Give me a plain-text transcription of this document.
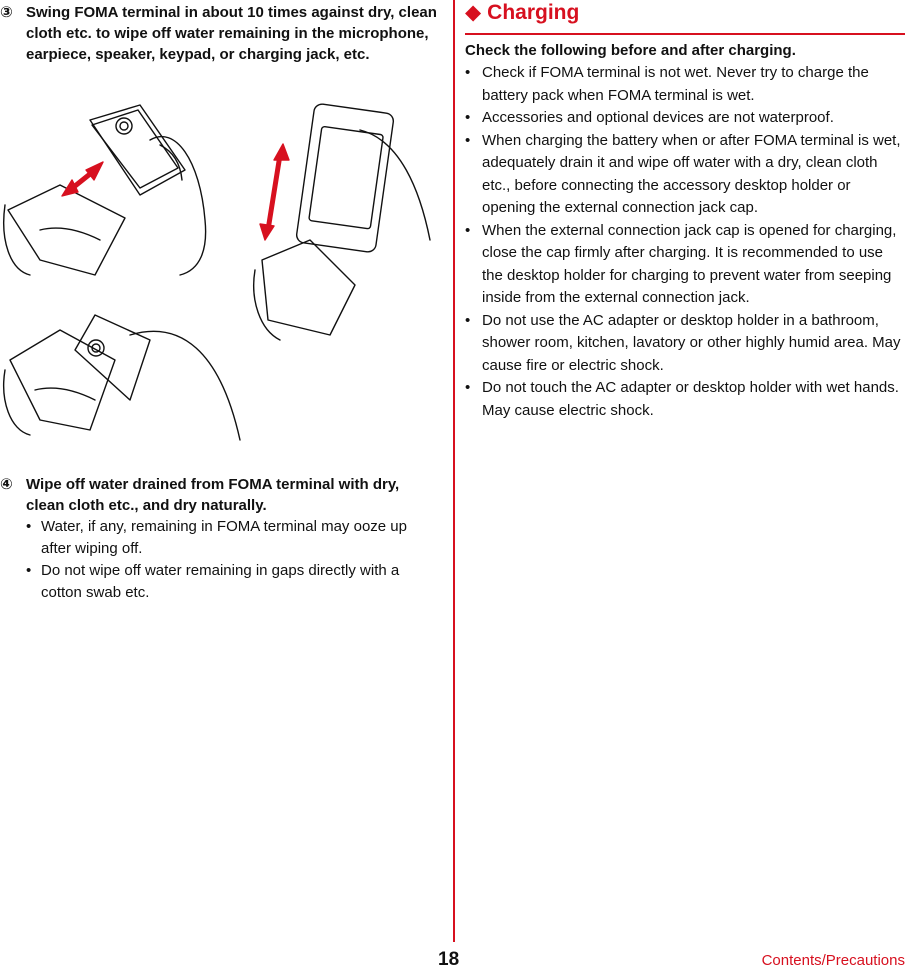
③ Swing FOMA terminal in about 10 times against dry, clean cloth etc. to wipe off water remaining in the microphone, earpiece, speaker, keypad, or charging jack, etc.
④ Wipe off water drained from FOMA terminal with dry, clean cloth etc., and dry naturally.
• Water, if any, remaining in FOMA terminal may ooze up after wiping off.
• Do not wipe off water remaining in gaps directly with a cotton swab etc.
◆ Charging
Check the following before and after charging.
• Check if FOMA terminal is not wet. Never try to charge the battery pack when FOMA terminal is wet.
• Accessories and optional devices are not waterproof.
• When charging the battery when or after FOMA terminal is wet, adequately drain it and wipe off water with a dry, clean cloth etc., before connecting the accessory desktop holder or opening the external connection jack cap.
• When the external connection jack cap is opened for charging, close the cap firmly after charging. It is recommended to use the desktop holder for charging to prevent water from seeping inside from the external connection jack.
• Do not use the AC adapter or desktop holder in a bathroom, shower room, kitchen, lavatory or other highly humid area. May cause fire or electric shock.
• Do not touch the AC adapter or desktop holder with wet hands. May cause electric shock.
18	Contents/Precautions
